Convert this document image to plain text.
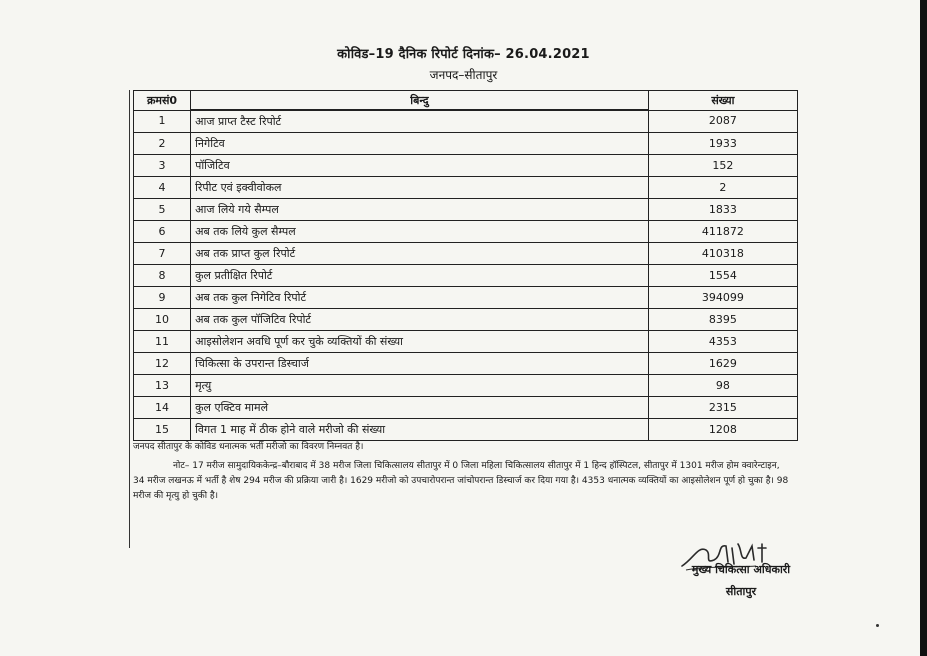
कोविड–19 दैनिक रिपोर्ट दिनांक– 26.04.2021
जनपद–सीतापुर
क्रमसं0	बिन्दु	संख्या
1	आज प्राप्त टैस्ट रिपोर्ट	2087
2	निगेटिव	1933
3	पॉजिटिव	152
4	रिपीट एवं इक्वीवोकल	2
5	आज लिये गये सैम्पल	1833
6	अब तक लिये कुल सैम्पल	411872
7	अब तक प्राप्त कुल रिपोर्ट	410318
8	कुल प्रतीक्षित रिपोर्ट	1554
9	अब तक कुल निगेटिव रिपोर्ट	394099
10	अब तक कुल पॉजिटिव रिपोर्ट	8395
11	आइसोलेशन अवधि पूर्ण कर चुके व्यक्तियों की संख्या	4353
12	चिकित्सा के उपरान्त डिस्चार्ज	1629
13	मृत्यु	98
14	कुल एक्टिव मामले	2315
15	विगत 1 माह में ठीक होने वाले मरीजो की संख्या	1208

जनपद सीतापुर के कोविड धनात्मक भर्ती मरीजो का विवरण निम्नवत है।

नोट– 17 मरीज सामुदायिककेन्द्र–बौराबाद में 38 मरीज जिला चिकित्सालय सीतापुर में 0 जिला महिला चिकित्सालय सीतापुर में 1 हिन्द हॉस्पिटल, सीतापुर में 1301 मरीज होम क्वारेन्टाइन, 34 मरीज लखनऊ में भर्ती है शेष 294 मरीज की प्रक्रिया जारी है। 1629 मरीजो को उपचारोपरान्त जांचोपरान्त डिस्चार्ज कर दिया गया है। 4353 धनात्मक व्यक्तियों का आइसोलेशन पूर्ण हो चुका है। 98 मरीज की मृत्यु हो चुकी है।

मुख्य चिकित्सा अधिकारी
सीतापुर
